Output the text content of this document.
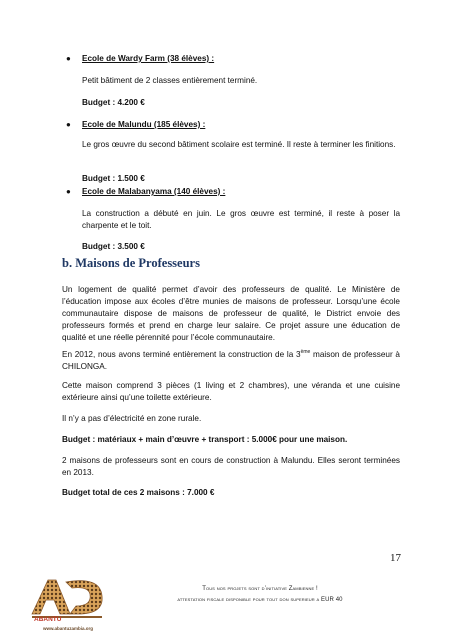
● Ecole de Wardy Farm (38 élèves) :

Petit bâtiment de 2 classes entièrement terminé.

Budget : 4.200 €

● Ecole de Malundu (185 élèves) :

Le gros œuvre du second bâtiment scolaire est terminé. Il reste à terminer les finitions.

Budget : 1.500 €

● Ecole de Malabanyama (140 élèves) :

La construction a débuté en juin. Le gros œuvre est terminé, il reste à poser la charpente et le toit.

Budget : 3.500 €

b. Maisons de Professeurs

Un logement de qualité permet d’avoir des professeurs de qualité. Le Ministère de l’éducation impose aux écoles d’être munies de maisons de professeur. Lorsqu’une école communautaire dispose de maisons de professeur de qualité, le District envoie des professeurs formés et prend en charge leur salaire. Ce projet assure une éducation de qualité et une réelle pérennité pour l’école communautaire.

En 2012, nous avons terminé entièrement la construction de la 3ème maison de professeur à CHILONGA.

Cette maison comprend 3 pièces (1 living et 2 chambres), une véranda et une cuisine extérieure ainsi qu’une toilette extérieure.

Il n’y a pas d’électricité en zone rurale.

Budget : matériaux + main d’œuvre + transport : 5.000€ pour une maison.

2 maisons de professeurs sont en cours de construction à Malundu. Elles seront terminées en 2013.

Budget total de ces 2 maisons : 7.000 €

17
Tous nos projets sont d’initiative Zambienne !
attestation fiscale disponible pour tout don superieur a EUR 40
ABANTU
www.abantuzambia.org
